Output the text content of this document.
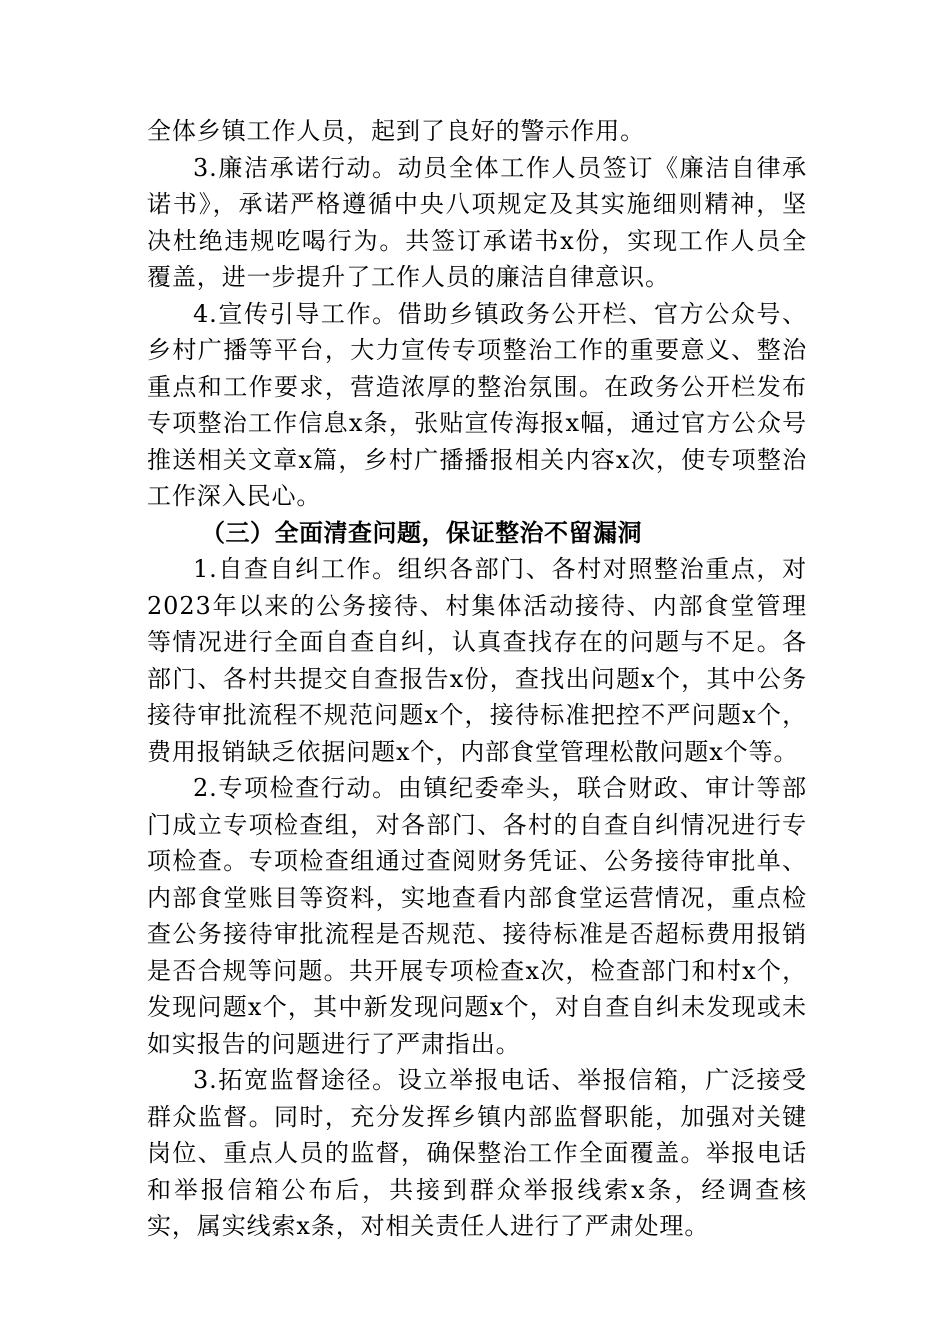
全体乡镇工作人员，起到了良好的警示作用。

3.廉洁承诺行动。动员全体工作人员签订《廉洁自律承诺书》，承诺严格遵循中央八项规定及其实施细则精神，坚决杜绝违规吃喝行为。共签订承诺书x份，实现工作人员全覆盖，进一步提升了工作人员的廉洁自律意识。

4.宣传引导工作。借助乡镇政务公开栏、官方公众号、乡村广播等平台，大力宣传专项整治工作的重要意义、整治重点和工作要求，营造浓厚的整治氛围。在政务公开栏发布专项整治工作信息x条，张贴宣传海报x幅，通过官方公众号推送相关文章x篇，乡村广播播报相关内容x次，使专项整治工作深入民心。

（三）全面清查问题，保证整治不留漏洞

1.自查自纠工作。组织各部门、各村对照整治重点，对2023年以来的公务接待、村集体活动接待、内部食堂管理等情况进行全面自查自纠，认真查找存在的问题与不足。各部门、各村共提交自查报告x份，查找出问题x个，其中公务接待审批流程不规范问题x个，接待标准把控不严问题x个，费用报销缺乏依据问题x个，内部食堂管理松散问题x个等。

2.专项检查行动。由镇纪委牵头，联合财政、审计等部门成立专项检查组，对各部门、各村的自查自纠情况进行专项检查。专项检查组通过查阅财务凭证、公务接待审批单、内部食堂账目等资料，实地查看内部食堂运营情况，重点检查公务接待审批流程是否规范、接待标准是否超标费用报销是否合规等问题。共开展专项检查x次，检查部门和村x个，发现问题x个，其中新发现问题x个，对自查自纠未发现或未如实报告的问题进行了严肃指出。

3.拓宽监督途径。设立举报电话、举报信箱，广泛接受群众监督。同时，充分发挥乡镇内部监督职能，加强对关键岗位、重点人员的监督，确保整治工作全面覆盖。举报电话和举报信箱公布后，共接到群众举报线索x条，经调查核实，属实线索x条，对相关责任人进行了严肃处理。
